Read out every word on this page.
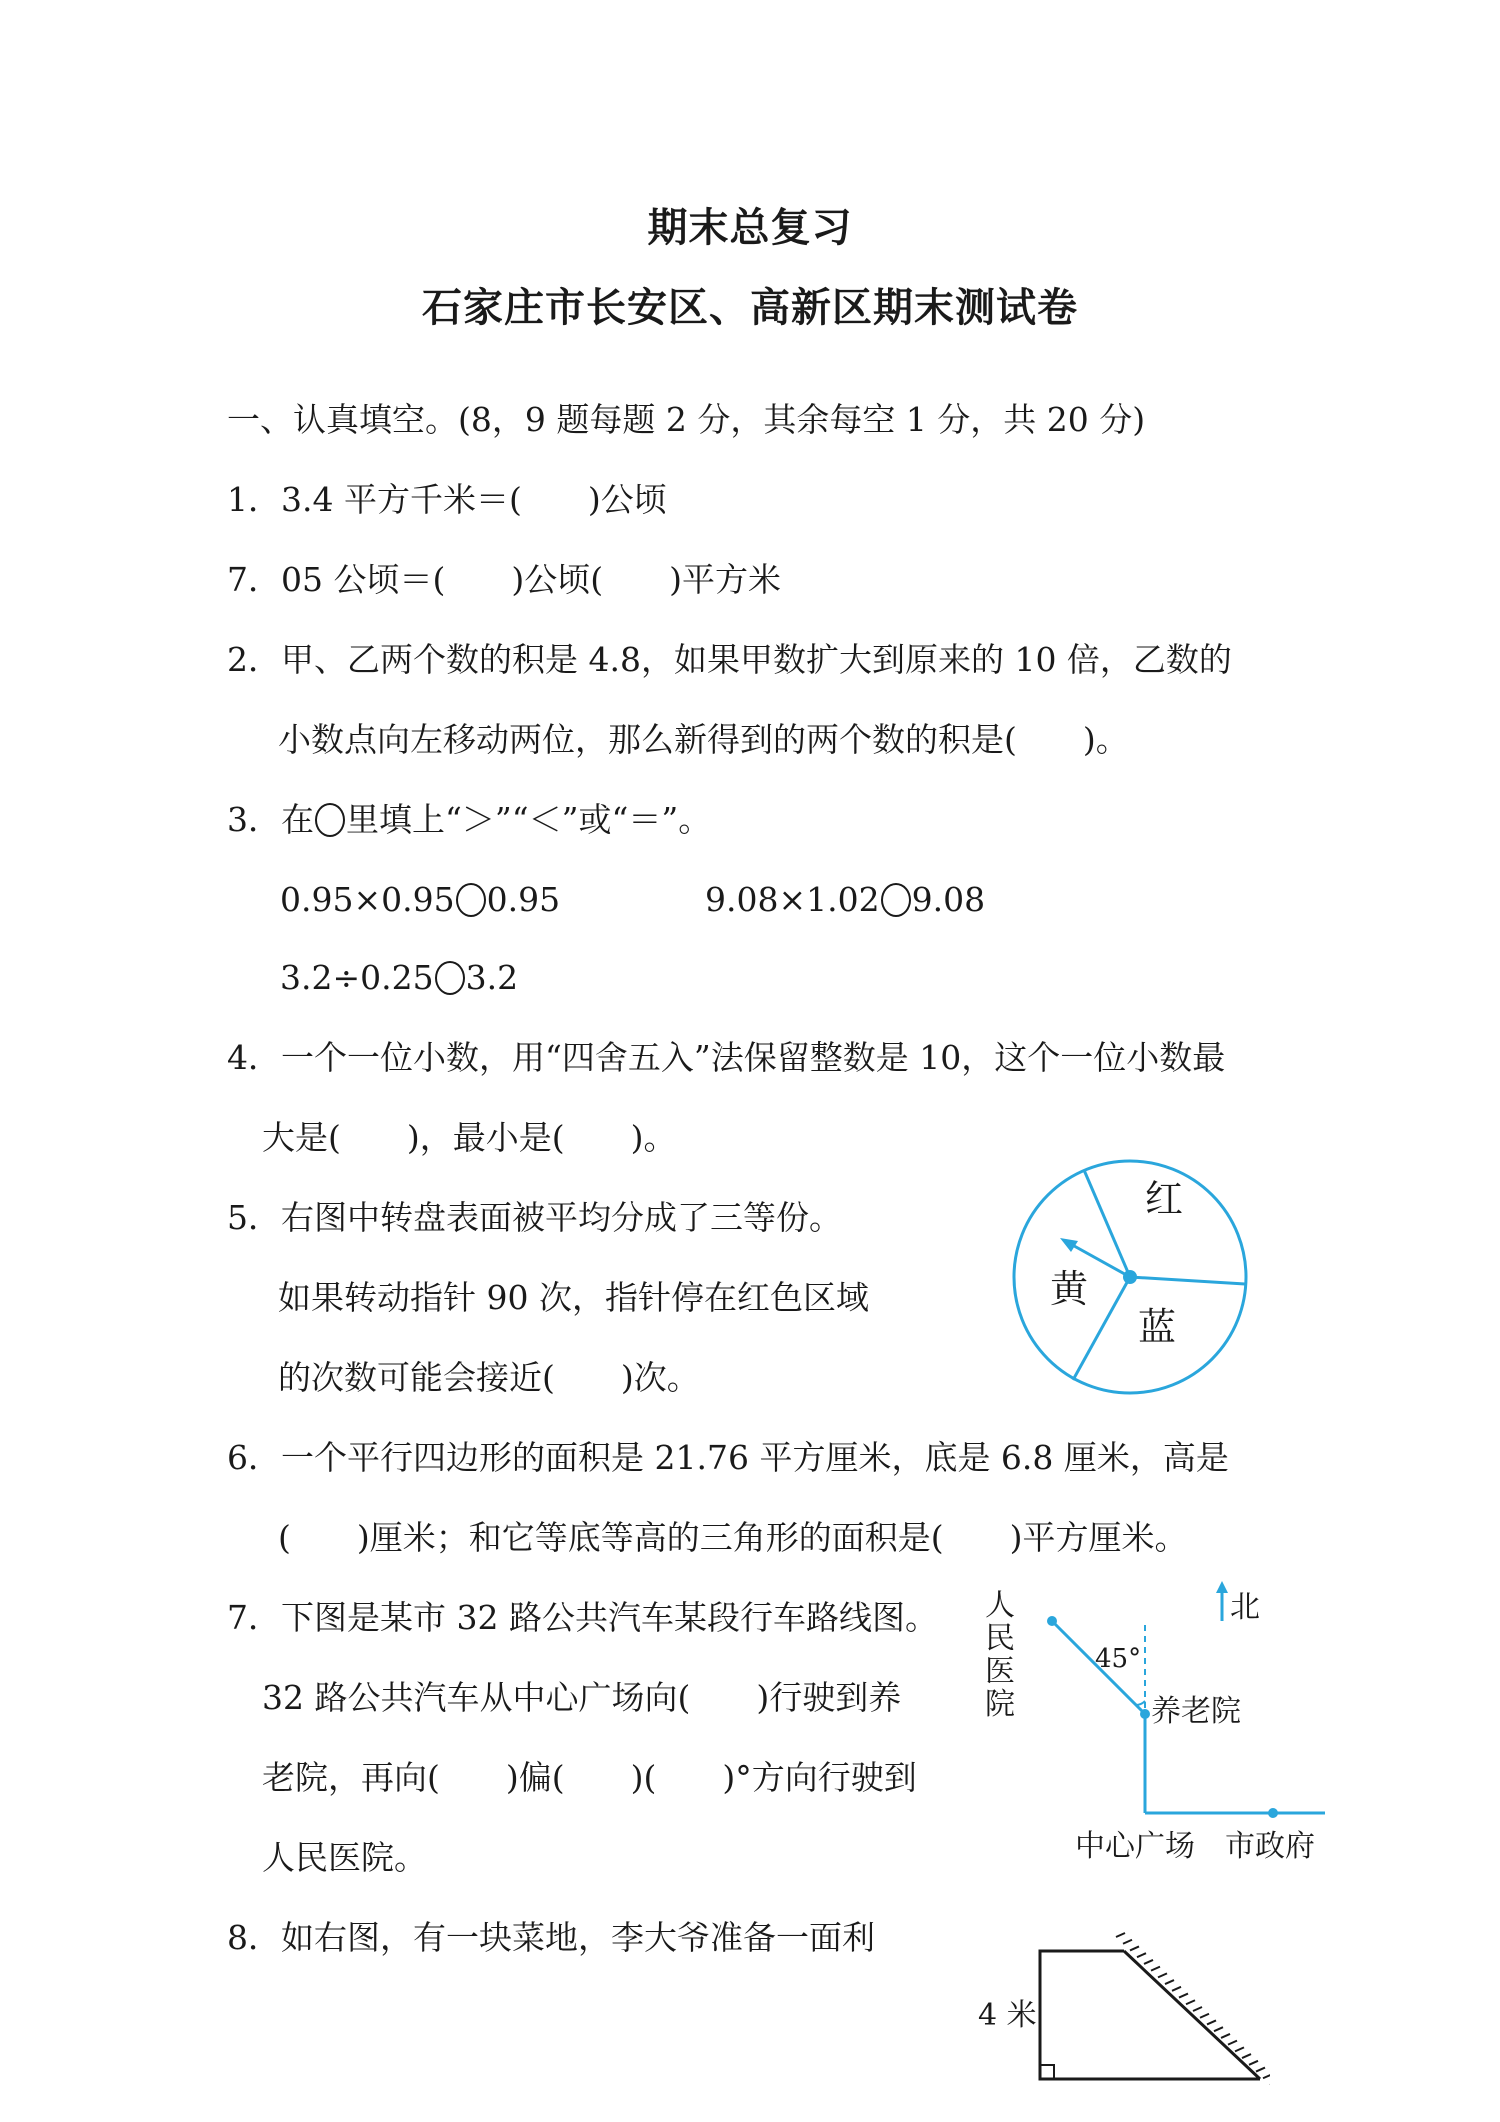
期末总复习
石家庄市长安区、高新区期末测试卷
一、认真填空。(8，9 题每题 2 分，其余每空 1 分，共 20 分)
1．3.4 平方千米＝(　　)公顷
7．05 公顷＝(　　)公顷(　　)平方米
2．甲、乙两个数的积是 4.8，如果甲数扩大到原来的 10 倍，乙数的
小数点向左移动两位，那么新得到的两个数的积是(　　)。
3．在 里填上“＞”“＜”或“＝”。
0.95×0.95 0.95	9.08×1.02 9.08
3.2÷0.25 3.2
4．一个一位小数，用“四舍五入”法保留整数是 10，这个一位小数最
大是(　　)，最小是(　　)。
5．右图中转盘表面被平均分成了三等份。
如果转动指针 90 次，指针停在红色区域
的次数可能会接近(　　)次。
红
黄
蓝
6．一个平行四边形的面积是 21.76 平方厘米，底是 6.8 厘米，高是
(　　)厘米；和它等底等高的三角形的面积是(　　)平方厘米。
7．下图是某市 32 路公共汽车某段行车路线图。
32 路公共汽车从中心广场向(　　)行驶到养
老院，再向(　　)偏(　　)(　　)°方向行驶到
人民医院。
人
民
医
院
北
45°
养老院
中心广场 市政府
8．如右图，有一块菜地，李大爷准备一面利
4 米
